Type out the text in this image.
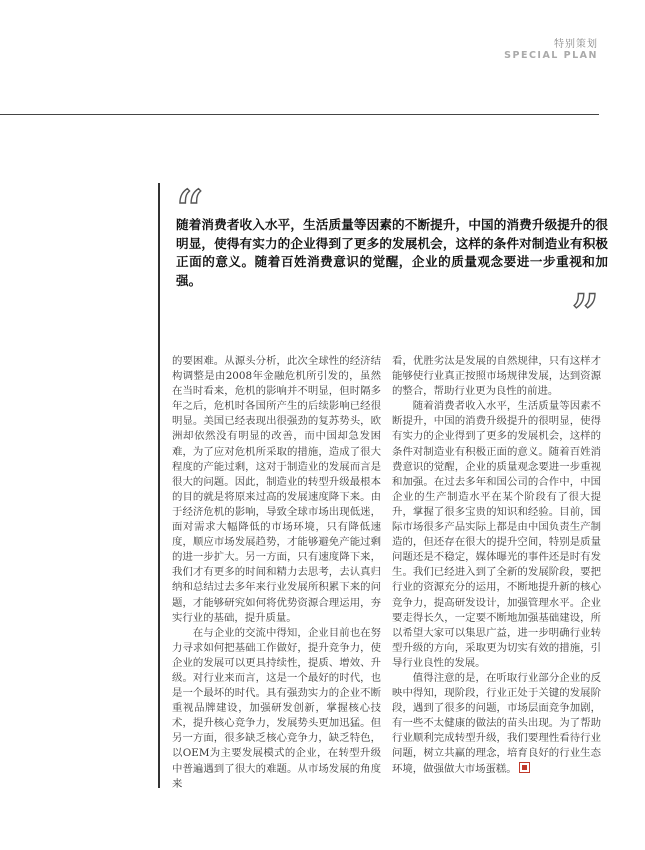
特别策划
SPECIAL PLAN
“
随着消费者收入水平，生活质量等因素的不断提升，中国的消费升级提升的很明显，使得有实力的企业得到了更多的发展机会，这样的条件对制造业有积极正面的意义。随着百姓消费意识的觉醒，企业的质量观念要进一步重视和加强。
”

的要困难。从源头分析，此次全球性的经济结构调整是由2008年金融危机所引发的，虽然在当时看来，危机的影响并不明显，但时隔多年之后，危机时各国所产生的后续影响已经很明显。美国已经表现出很强劲的复苏势头，欧洲却依然没有明显的改善，而中国却急发困难，为了应对危机所采取的措施，造成了很大程度的产能过剩，这对于制造业的发展而言是很大的问题。因此，制造业的转型升级最根本的目的就是将原来过高的发展速度降下来。由于经济危机的影响，导致全球市场出现低迷，面对需求大幅降低的市场环境，只有降低速度，顺应市场发展趋势，才能够避免产能过剩的进一步扩大。另一方面，只有速度降下来，我们才有更多的时间和精力去思考，去认真归纳和总结过去多年来行业发展所积累下来的问题，才能够研究如何将优势资源合理运用，夯实行业的基础，提升质量。

在与企业的交流中得知，企业目前也在努力寻求如何把基础工作做好，提升竞争力，使企业的发展可以更具持续性，提质、增效、升级。对行业来而言，这是一个最好的时代，也是一个最坏的时代。具有强劲实力的企业不断重视品牌建设，加强研发创新，掌握核心技术，提升核心竞争力，发展势头更加迅猛。但另一方面，很多缺乏核心竞争力，缺乏特色，以OEM为主要发展模式的企业，在转型升级中普遍遇到了很大的难题。从市场发展的角度来

看，优胜劣汰是发展的自然规律，只有这样才能够使行业真正按照市场规律发展，达到资源的整合，帮助行业更为良性的前进。

随着消费者收入水平，生活质量等因素不断提升，中国的消费升级提升的很明显，使得有实力的企业得到了更多的发展机会，这样的条件对制造业有积极正面的意义。随着百姓消费意识的觉醒，企业的质量观念要进一步重视和加强。在过去多年和国公司的合作中，中国企业的生产制造水平在某个阶段有了很大提升，掌握了很多宝贵的知识和经验。目前，国际市场很多产品实际上都是由中国负责生产制造的，但还存在很大的提升空间，特别是质量问题还是不稳定，媒体曝光的事件还是时有发生。我们已经进入到了全新的发展阶段，要把行业的资源充分的运用，不断地提升新的核心竞争力，提高研发设计，加强管理水平。企业要走得长久，一定要不断地加强基础建设，所以希望大家可以集思广益，进一步明确行业转型升级的方向，采取更为切实有效的措施，引导行业良性的发展。

值得注意的是，在听取行业部分企业的反映中得知，现阶段，行业正处于关键的发展阶段，遇到了很多的问题，市场层面竞争加剧，有一些不太健康的做法的苗头出现。为了帮助行业顺利完成转型升级，我们要理性看待行业问题，树立共赢的理念，培育良好的行业生态环境，做强做大市场蛋糕。
